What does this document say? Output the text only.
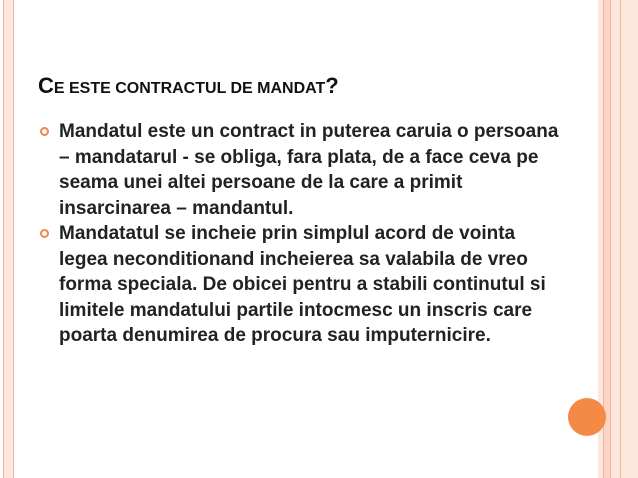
CE ESTE CONTRACTUL DE MANDAT?
Mandatul este un contract in puterea caruia o persoana – mandatarul - se obliga, fara plata, de a face ceva pe seama unei altei persoane de la care a primit insarcinarea – mandantul.
Mandatatul se incheie prin simplul acord de vointa legea neconditionand incheierea sa valabila de vreo forma speciala. De obicei pentru a stabili continutul si limitele mandatului partile intocmesc un inscris care poarta denumirea de procura sau imputernicire.
